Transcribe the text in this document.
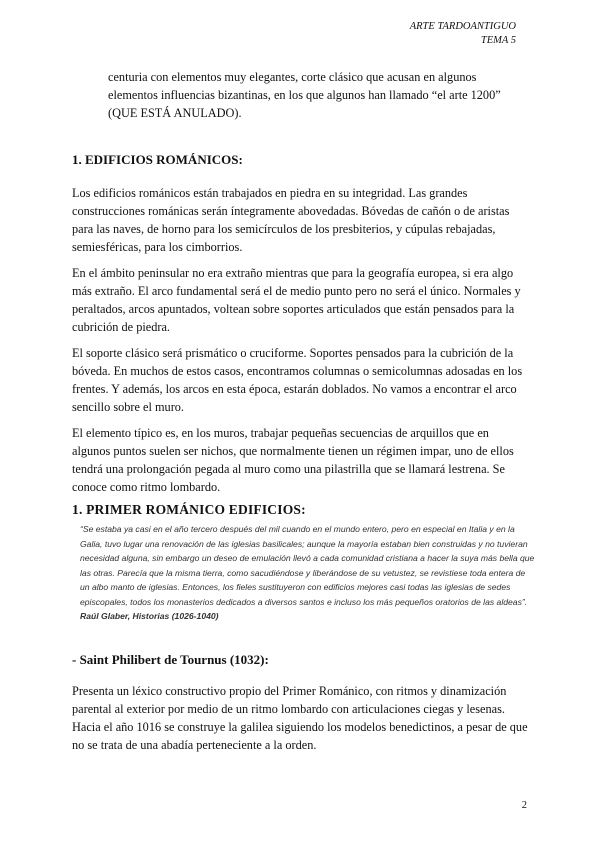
ARTE TARDOANTIGUO
TEMA 5

centuria con elementos muy elegantes, corte clásico que acusan en algunos elementos influencias bizantinas, en los que algunos han llamado “el arte 1200” (QUE ESTÁ ANULADO).

1. EDIFICIOS ROMÁNICOS:

Los edificios románicos están trabajados en piedra en su integridad. Las grandes construcciones románicas serán íntegramente abovedadas. Bóvedas de cañón o de aristas para las naves, de horno para los semicírculos de los presbiterios, y cúpulas rebajadas, semiesféricas, para los cimborrios.

En el ámbito peninsular no era extraño mientras que para la geografía europea, si era algo más extraño. El arco fundamental será el de medio punto pero no será el único. Normales y peraltados, arcos apuntados, voltean sobre soportes articulados que están pensados para la cubrición de piedra.

El soporte clásico será prismático o cruciforme. Soportes pensados para la cubrición de la bóveda. En muchos de estos casos, encontramos columnas o semicolumnas adosadas en los frentes. Y además, los arcos en esta época, estarán doblados. No vamos a encontrar el arco sencillo sobre el muro.

El elemento típico es, en los muros, trabajar pequeñas secuencias de arquillos que en algunos puntos suelen ser nichos, que normalmente tienen un régimen impar, uno de ellos tendrá una prolongación pegada al muro como una pilastrilla que se llamará lestrena. Se conoce como ritmo lombardo.

1. PRIMER ROMÁNICO EDIFICIOS:
“Se estaba ya casi en el año tercero después del mil cuando en el mundo entero, pero en especial en Italia y en la Galia, tuvo lugar una renovación de las iglesias basilicales; aunque la mayoría estaban bien construidas y no tuvieran necesidad alguna, sin embargo un deseo de emulación llevó a cada comunidad cristiana a hacer la suya más bella que las otras. Parecía que la misma tierra, como sacudiéndose y liberándose de su vetustez, se revistiese toda entera de un albo manto de iglesias. Entonces, los fieles sustituyeron con edificios mejores casi todas las iglesias de sedes episcopales, todos los monasterios dedicados a diversos santos e incluso los más pequeños oratorios de las aldeas”.
Raúl Glaber, Historias (1026-1040)
- Saint Philibert de Tournus (1032):

Presenta un léxico constructivo propio del Primer Románico, con ritmos y dinamización parental al exterior por medio de un ritmo lombardo con articulaciones ciegas y lesenas. Hacia el año 1016 se construye la galilea siguiendo los modelos benedictinos, a pesar de que no se trata de una abadía perteneciente a la orden.

2
